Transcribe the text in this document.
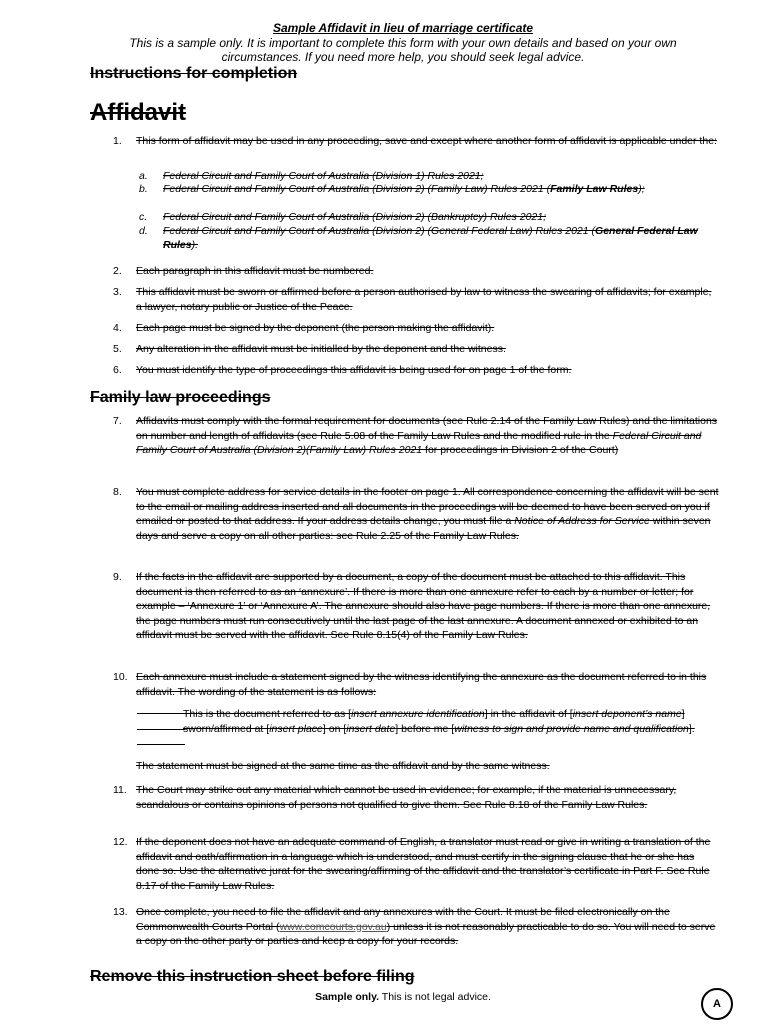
Sample Affidavit in lieu of marriage certificate
This is a sample only. It is important to complete this form with your own details and based on your own circumstances. If you need more help, you should seek legal advice.
Instructions for completion
Affidavit
1.	This form of affidavit may be used in any proceeding, save and except where another form of affidavit is applicable under the:
a.	Federal Circuit and Family Court of Australia (Division 1) Rules 2021;
b.	Federal Circuit and Family Court of Australia (Division 2) (Family Law) Rules 2021 (Family Law Rules);
c.	Federal Circuit and Family Court of Australia (Division 2) (Bankruptcy) Rules 2021;
d.	Federal Circuit and Family Court of Australia (Division 2) (General Federal Law) Rules 2021 (General Federal Law Rules).
2.	Each paragraph in this affidavit must be numbered.
3.	This affidavit must be sworn or affirmed before a person authorised by law to witness the swearing of affidavits; for example, a lawyer, notary public or Justice of the Peace.
4.	Each page must be signed by the deponent (the person making the affidavit).
5.	Any alteration in the affidavit must be initialled by the deponent and the witness.
6.	You must identify the type of proceedings this affidavit is being used for on page 1 of the form.
Family law proceedings
7.	Affidavits must comply with the formal requirement for documents (see Rule 2.14 of the Family Law Rules) and the limitations on number and length of affidavits (see Rule 5.08 of the Family Law Rules and the modified rule in the Federal Circuit and Family Court of Australia (Division 2)(Family Law) Rules 2021 for proceedings in Division 2 of the Court)
8.	You must complete address for service details in the footer on page 1. All correspondence concerning the affidavit will be sent to the email or mailing address inserted and all documents in the proceedings will be deemed to have been served on you if emailed or posted to that address. If your address details change, you must file a Notice of Address for Service within seven days and serve a copy on all other parties: see Rule 2.25 of the Family Law Rules.
9.	If the facts in the affidavit are supported by a document, a copy of the document must be attached to this affidavit. This document is then referred to as an ‘annexure’. If there is more than one annexure refer to each by a number or letter; for example – ‘Annexure 1’ or ‘Annexure A’. The annexure should also have page numbers. If there is more than one annexure, the page numbers must run consecutively until the last page of the last annexure. A document annexed or exhibited to an affidavit must be served with the affidavit. See Rule 8.15(4) of the Family Law Rules.
10. Each annexure must include a statement signed by the witness identifying the annexure as the document referred to in this affidavit. The wording of the statement is as follows:
This is the document referred to as [insert annexure identification] in the affidavit of [insert deponent’s name] sworn/affirmed at [insert place] on [insert date] before me [witness to sign and provide name and qualification].
The statement must be signed at the same time as the affidavit and by the same witness.
11. The Court may strike out any material which cannot be used in evidence; for example, if the material is unnecessary, scandalous or contains opinions of persons not qualified to give them. See Rule 8.18 of the Family Law Rules.
12. If the deponent does not have an adequate command of English, a translator must read or give in writing a translation of the affidavit and oath/affirmation in a language which is understood, and must certify in the signing clause that he or she has done so. Use the alternative jurat for the swearing/affirming of the affidavit and the translator’s certificate in Part F. See Rule 8.17 of the Family Law Rules.
13. Once complete, you need to file the affidavit and any annexures with the Court. It must be filed electronically on the Commonwealth Courts Portal (www.comcourts.gov.au) unless it is not reasonably practicable to do so. You will need to serve a copy on the other party or parties and keep a copy for your records.
Remove this instruction sheet before filing
Sample only. This is not legal advice.
A
